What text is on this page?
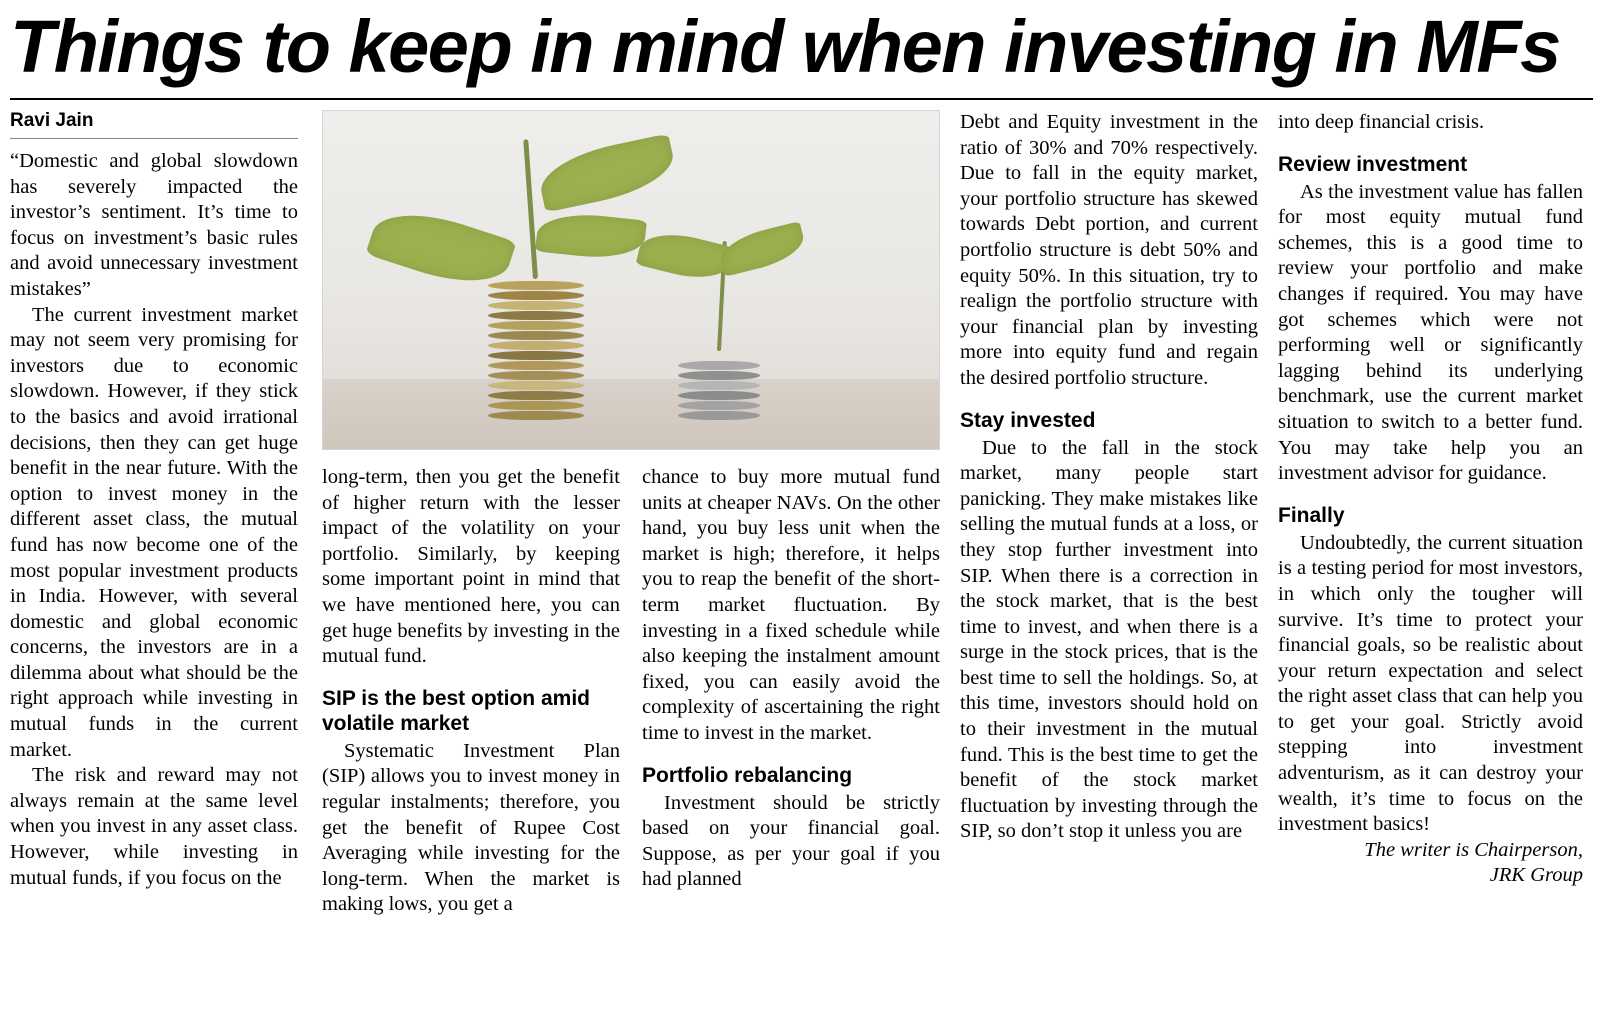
Things to keep in mind when investing in MFs
Ravi Jain

“Domestic and global slowdown has severely impacted the investor’s sentiment. It’s time to focus on investment’s basic rules and avoid unnecessary investment mistakes”

The current investment market may not seem very promising for investors due to economic slowdown. However, if they stick to the basics and avoid irrational decisions, then they can get huge benefit in the near future. With the option to invest money in the different asset class, the mutual fund has now become one of the most popular investment products in India. However, with several domestic and global economic concerns, the investors are in a dilemma about what should be the right approach while investing in mutual funds in the current market.

The risk and reward may not always remain at the same level when you invest in any asset class. However, while investing in mutual funds, if you focus on the

long-term, then you get the benefit of higher return with the lesser impact of the volatility on your portfolio. Similarly, by keeping some important point in mind that we have mentioned here, you can get huge benefits by investing in the mutual fund.

SIP is the best option amid volatile market

Systematic Investment Plan (SIP) allows you to invest money in regular instalments; therefore, you get the benefit of Rupee Cost Averaging while investing for the long-term. When the market is making lows, you get a

chance to buy more mutual fund units at cheaper NAVs. On the other hand, you buy less unit when the market is high; therefore, it helps you to reap the benefit of the short-term market fluctuation. By investing in a fixed schedule while also keeping the instalment amount fixed, you can easily avoid the complexity of ascertaining the right time to invest in the market.

Portfolio rebalancing

Investment should be strictly based on your financial goal. Suppose, as per your goal if you had planned

Debt and Equity investment in the ratio of 30% and 70% respectively. Due to fall in the equity market, your portfolio structure has skewed towards Debt portion, and current portfolio structure is debt 50% and equity 50%. In this situation, try to realign the portfolio structure with your financial plan by investing more into equity fund and regain the desired portfolio structure.

Stay invested

Due to the fall in the stock market, many people start panicking. They make mistakes like selling the mutual funds at a loss, or they stop further investment into SIP. When there is a correction in the stock market, that is the best time to invest, and when there is a surge in the stock prices, that is the best time to sell the holdings. So, at this time, investors should hold on to their investment in the mutual fund. This is the best time to get the benefit of the stock market fluctuation by investing through the SIP, so don’t stop it unless you are

into deep financial crisis.

Review investment

As the investment value has fallen for most equity mutual fund schemes, this is a good time to review your portfolio and make changes if required. You may have got schemes which were not performing well or significantly lagging behind its underlying benchmark, use the current market situation to switch to a better fund. You may take help you an investment advisor for guidance.

Finally

Undoubtedly, the current situation is a testing period for most investors, in which only the tougher will survive. It’s time to protect your financial goals, so be realistic about your return expectation and select the right asset class that can help you to get your goal. Strictly avoid stepping into investment adventurism, as it can destroy your wealth, it’s time to focus on the investment basics!

The writer is Chairperson,

JRK Group
